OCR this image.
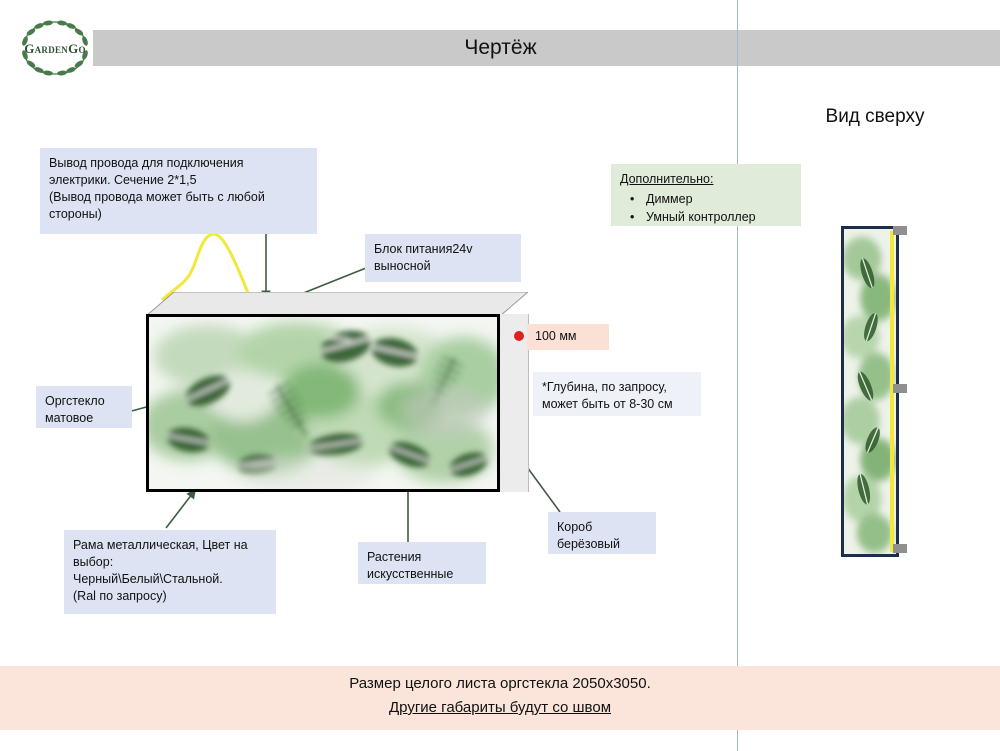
Чертёж
GardenGo
Вид сверху
100 мм
Вывод провода для подключения
электрики. Сечение 2*1,5
(Вывод провода может быть с любой
стороны)
Блок питания24v
выносной
Оргстекло
матовое
Рама металлическая, Цвет на
выбор:
Черный\Белый\Стальной.
(Ral по запросу)
Растения
искусственные
Короб
берёзовый
*Глубина, по запросу,
может быть от 8-30 см
Дополнительно:
• Диммер
• Умный контроллер
Размер целого листа оргстекла 2050х3050.
Другие габариты будут со швом
